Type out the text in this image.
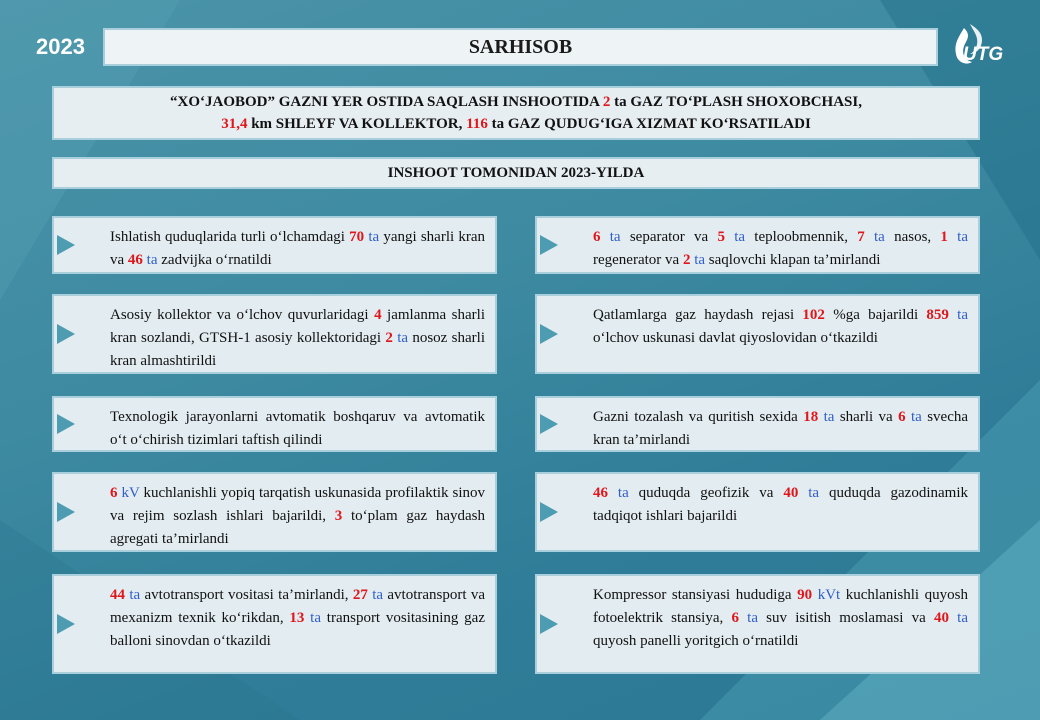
2023	SARHISOB	UTG
“XO‘JAOBOD” GAZNI YER OSTIDA SAQLASH INSHOOTIDA 2 ta GAZ TO‘PLASH SHOXOBCHASI,
31,4 km SHLEYF VA KOLLEKTOR, 116 ta GAZ QUDUG‘IGA XIZMAT KO‘RSATILADI
INSHOOT TOMONIDAN 2023-YILDA
Ishlatish quduqlarida turli o‘lchamdagi 70 ta yangi sharli kran va 46 ta zadvijka o‘rnatildi
Asosiy kollektor va o‘lchov quvurlaridagi 4 jamlanma sharli kran sozlandi, GTSH-1 asosiy kollektoridagi 2 ta nosoz sharli kran almashtirildi
Texnologik jarayonlarni avtomatik boshqaruv va avtomatik o‘t o‘chirish tizimlari taftish qilindi
6 kV kuchlanishli yopiq tarqatish uskunasida profilaktik sinov va rejim sozlash ishlari bajarildi, 3 to‘plam gaz haydash agregati ta’mirlandi
44 ta avtotransport vositasi ta’mirlandi, 27 ta avtotransport va mexanizm texnik ko‘rikdan, 13 ta transport vositasining gaz balloni sinovdan o‘tkazildi
6 ta separator va 5 ta teploobmennik, 7 ta nasos, 1 ta regenerator va 2 ta saqlovchi klapan ta’mirlandi
Qatlamlarga gaz haydash rejasi 102 %ga bajarildi 859 ta o‘lchov uskunasi davlat qiyoslovidan o‘tkazildi
Gazni tozalash va quritish sexida 18 ta sharli va 6 ta svecha kran ta’mirlandi
46 ta quduqda geofizik va 40 ta quduqda gazodinamik tadqiqot ishlari bajarildi
Kompressor stansiyasi hududiga 90 kVt kuchlanishli quyosh fotoelektrik stansiya, 6 ta suv isitish moslamasi va 40 ta quyosh panelli yoritgich o‘rnatildi
